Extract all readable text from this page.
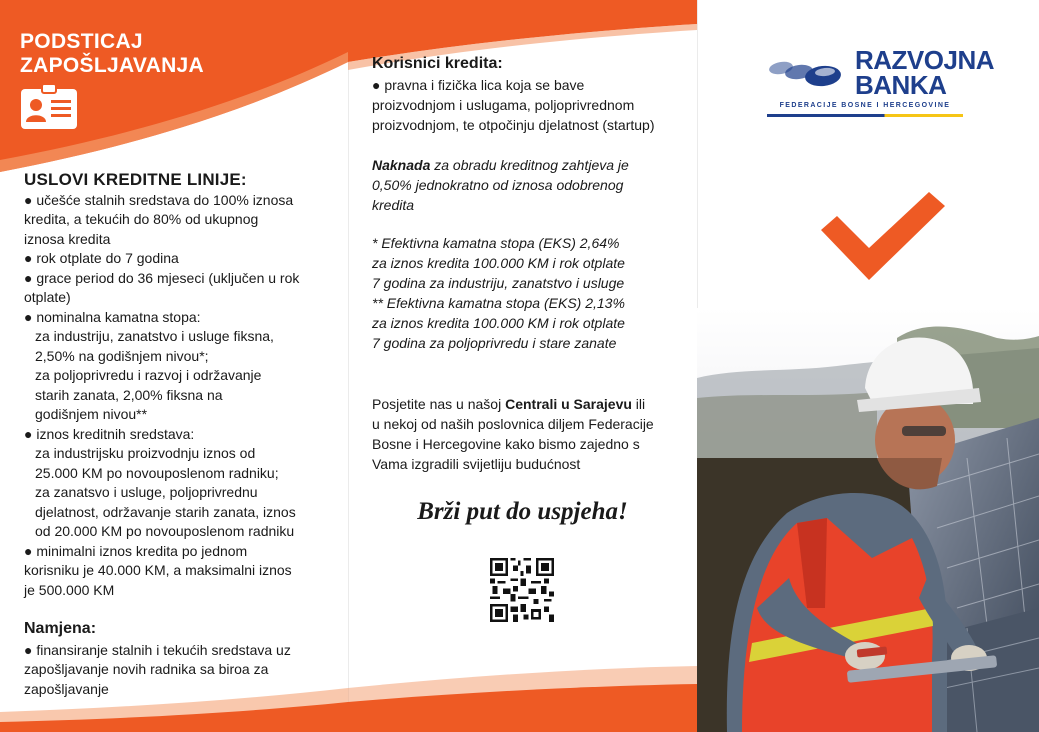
PODSTICAJ
ZAPOŠLJAVANJA
USLOVI KREDITNE LINIJE:
● učešće stalnih sredstava do 100% iznosa
kredita, a tekućih do 80% od ukupnog
iznosa kredita
● rok otplate do 7 godina
● grace period do 36 mjeseci (uključen u rok
otplate)
● nominalna kamatna stopa:
za industriju, zanatstvo i usluge fiksna,
2,50% na godišnjem nivou*;
za poljoprivredu i razvoj i održavanje
starih zanata, 2,00% fiksna na
godišnjem nivou**
● iznos kreditnih sredstava:
za industrijsku proizvodnju iznos od
25.000 KM po novouposlenom radniku;
za zanatsvo i usluge, poljoprivrednu
djelatnost, održavanje starih zanata, iznos
od 20.000 KM po novouposlenom radniku
● minimalni iznos kredita po jednom
korisniku je 40.000 KM, a maksimalni iznos
je 500.000 KM
Namjena:
● finansiranje stalnih i tekućih sredstava uz
zapošljavanje novih radnika sa biroa za
zapošljavanje
Korisnici kredita:
● pravna i fizička lica koja se bave
proizvodnjom i uslugama, poljoprivrednom
proizvodnjom, te otpočinju djelatnost (startup)
Naknada za obradu kreditnog zahtjeva je
0,50% jednokratno od iznosa odobrenog
kredita
* Efektivna kamatna stopa (EKS) 2,64%
za iznos kredita 100.000 KM i rok otplate
7 godina za industriju, zanatstvo i usluge
** Efektivna kamatna stopa (EKS) 2,13%
za iznos kredita 100.000 KM i rok otplate
7 godina za poljoprivredu i stare zanate
Posjetite nas u našoj Centrali u Sarajevu ili
u nekoj od naših poslovnica diljem Federacije
Bosne i Hercegovine kako bismo zajedno s
Vama izgradili svijetliju budućnost
Brži put do uspjeha!
RAZVOJNA
BANKA
FEDERACIJE BOSNE I HERCEGOVINE
